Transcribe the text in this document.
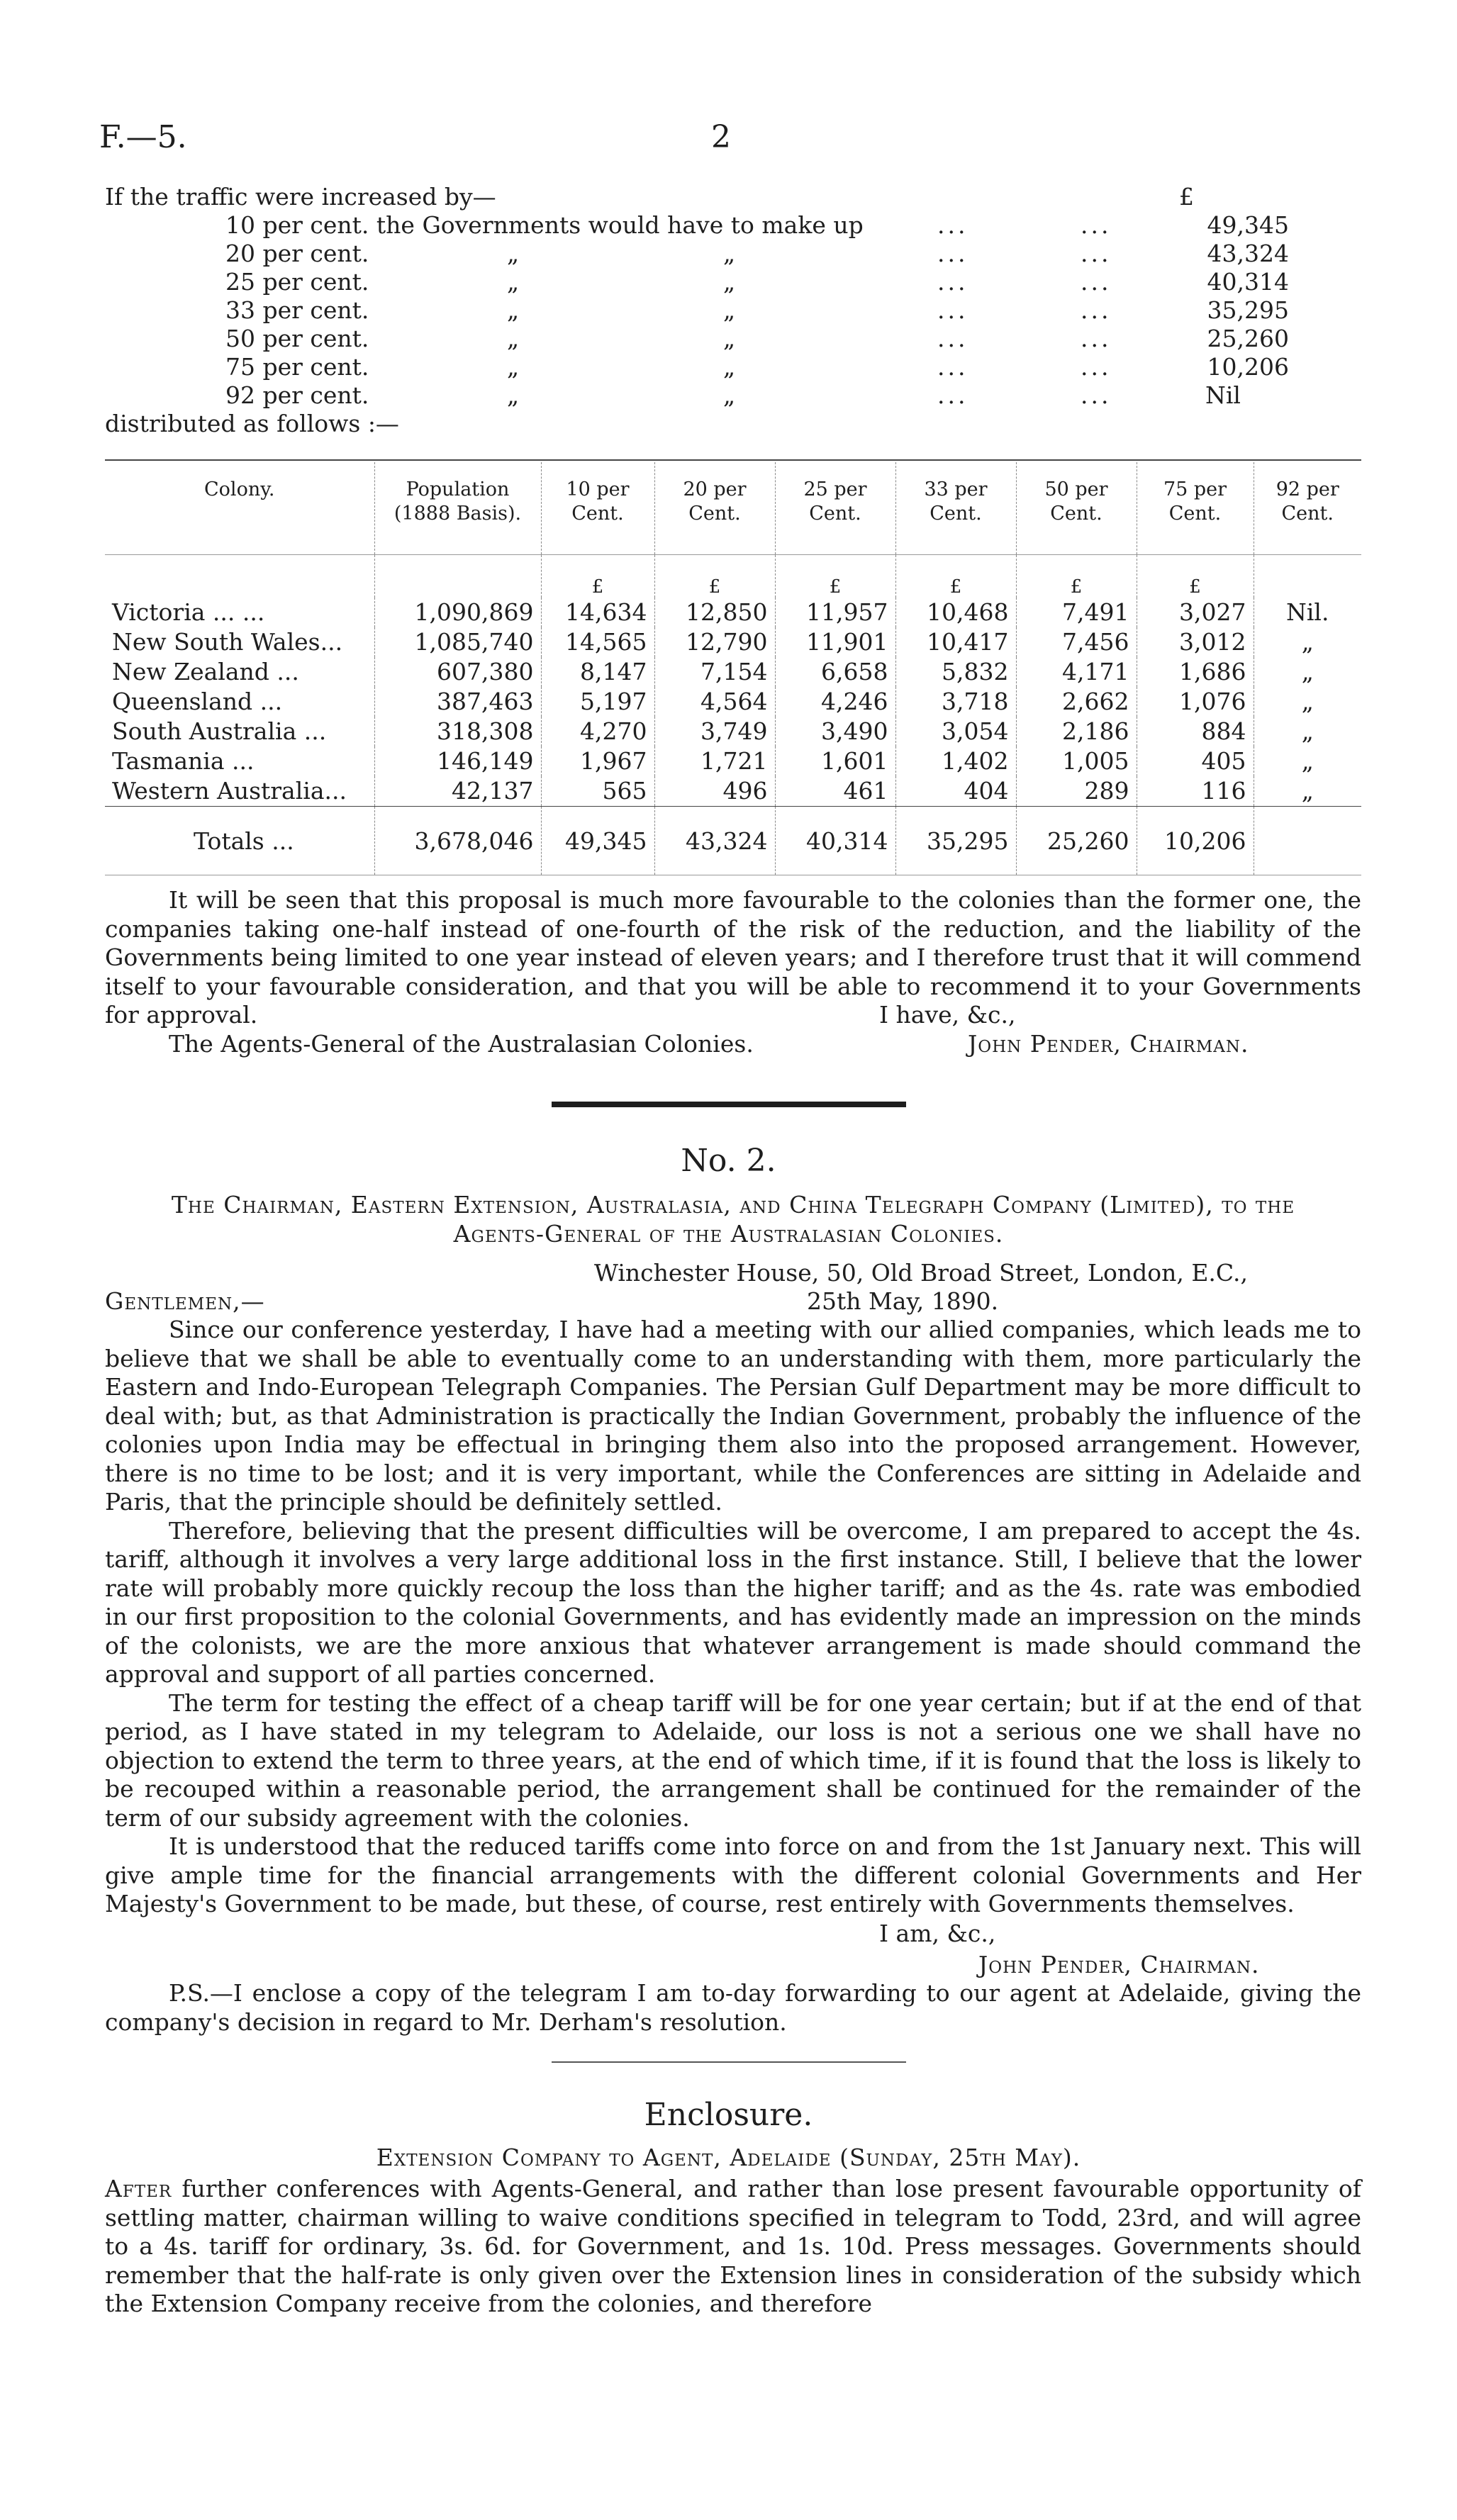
F.—5.	2
If the traffic were increased by—	£
10 per cent. the Governments would have to make up	...	...	49,345
20 per cent.	„	„	...	...	43,324
25 per cent.	„	„	...	...	40,314
33 per cent.	„	„	...	...	35,295
50 per cent.	„	„	...	...	25,260
75 per cent.	„	„	...	...	10,206
92 per cent.	„	„	...	...	Nil
distributed as follows :—
Colony.	Population (1888 Basis).	10 per Cent.	20 per Cent.	25 per Cent.	33 per Cent.	50 per Cent.	75 per Cent.	92 per Cent.
		£	£	£	£	£	£	
Victoria ... ...	1,090,869	14,634	12,850	11,957	10,468	7,491	3,027	Nil.
New South Wales...	1,085,740	14,565	12,790	11,901	10,417	7,456	3,012	„
New Zealand ...	607,380	8,147	7,154	6,658	5,832	4,171	1,686	„
Queensland ...	387,463	5,197	4,564	4,246	3,718	2,662	1,076	„
South Australia ...	318,308	4,270	3,749	3,490	3,054	2,186	884	„
Tasmania ...	146,149	1,967	1,721	1,601	1,402	1,005	405	„
Western Australia...	42,137	565	496	461	404	289	116	„
Totals ...	3,678,046	49,345	43,324	40,314	35,295	25,260	10,206	

It will be seen that this proposal is much more favourable to the colonies than the former one, the companies taking one-half instead of one-fourth of the risk of the reduction, and the liability of the Governments being limited to one year instead of eleven years; and I therefore trust that it will commend itself to your favourable consideration, and that you will be able to recommend it to your Governments for approval.	I have, &c.,
The Agents-General of the Australasian Colonies.	John Pender, Chairman.
No. 2.
The Chairman, Eastern Extension, Australasia, and China Telegraph Company (Limited), to the
Agents-General of the Australasian Colonies.
Winchester House, 50, Old Broad Street, London, E.C.,
Gentlemen,—	25th May, 1890.

Since our conference yesterday, I have had a meeting with our allied companies, which leads me to believe that we shall be able to eventually come to an understanding with them, more particularly the Eastern and Indo-European Telegraph Companies. The Persian Gulf Department may be more difficult to deal with; but, as that Administration is practically the Indian Government, probably the influence of the colonies upon India may be effectual in bringing them also into the proposed arrangement. However, there is no time to be lost; and it is very important, while the Conferences are sitting in Adelaide and Paris, that the principle should be definitely settled.

Therefore, believing that the present difficulties will be overcome, I am prepared to accept the 4s. tariff, although it involves a very large additional loss in the first instance. Still, I believe that the lower rate will probably more quickly recoup the loss than the higher tariff; and as the 4s. rate was embodied in our first proposition to the colonial Governments, and has evidently made an impression on the minds of the colonists, we are the more anxious that whatever arrangement is made should command the approval and support of all parties concerned.

The term for testing the effect of a cheap tariff will be for one year certain; but if at the end of that period, as I have stated in my telegram to Adelaide, our loss is not a serious one we shall have no objection to extend the term to three years, at the end of which time, if it is found that the loss is likely to be recouped within a reasonable period, the arrangement shall be continued for the remainder of the term of our subsidy agreement with the colonies.

It is understood that the reduced tariffs come into force on and from the 1st January next. This will give ample time for the financial arrangements with the different colonial Governments and Her Majesty's Government to be made, but these, of course, rest entirely with Governments themselves.

I am, &c.,
John Pender, Chairman.

P.S.—I enclose a copy of the telegram I am to-day forwarding to our agent at Adelaide, giving the company's decision in regard to Mr. Derham's resolution.

Enclosure.
Extension Company to Agent, Adelaide (Sunday, 25th May).

After further conferences with Agents-General, and rather than lose present favourable opportunity of settling matter, chairman willing to waive conditions specified in telegram to Todd, 23rd, and will agree to a 4s. tariff for ordinary, 3s. 6d. for Government, and 1s. 10d. Press messages. Governments should remember that the half-rate is only given over the Extension lines in consideration of the subsidy which the Extension Company receive from the colonies, and therefore
